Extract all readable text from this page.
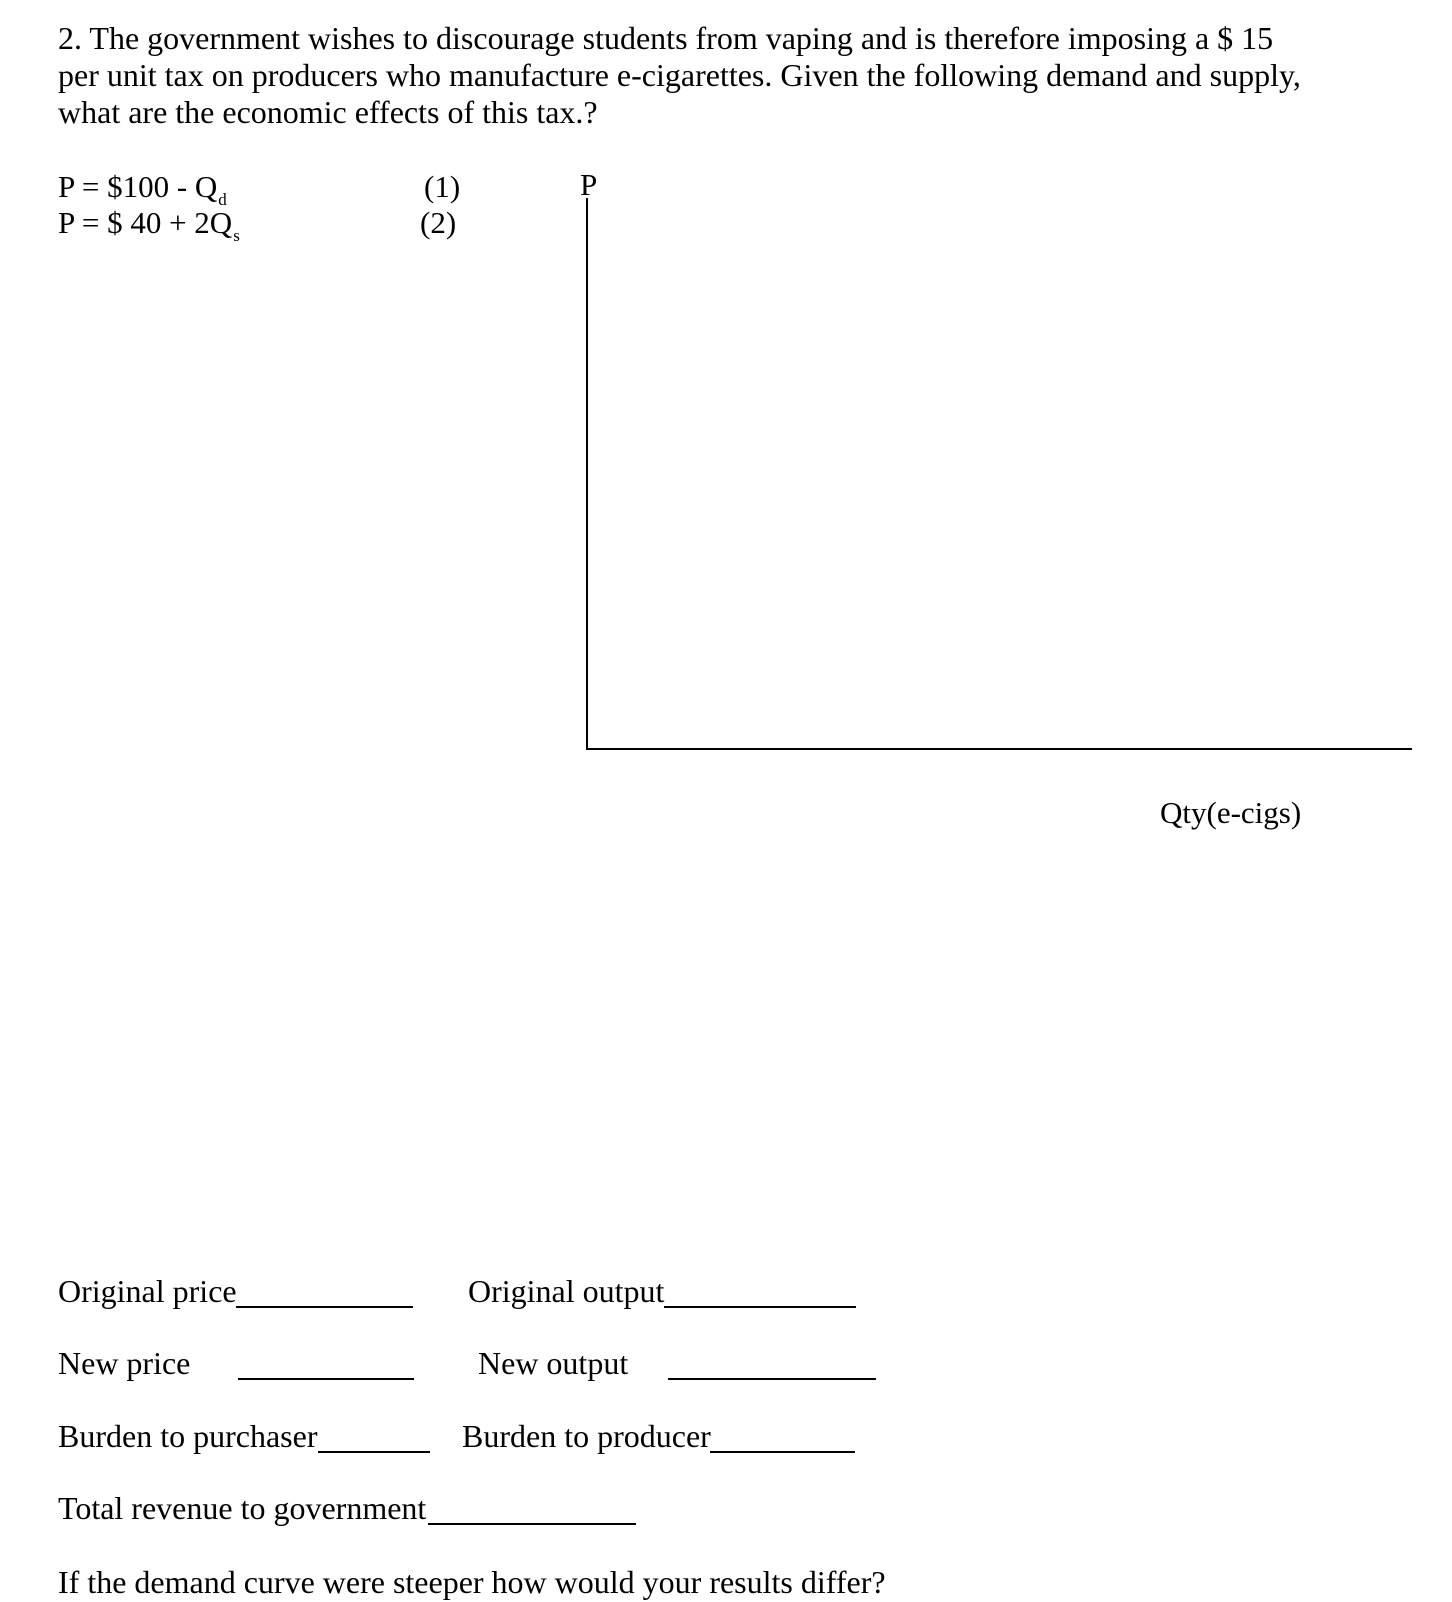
2. The government wishes to discourage students from vaping and is therefore imposing a $ 15
per unit tax on producers who manufacture e-cigarettes. Given the following demand and supply,
what are the economic effects of this tax.?
P = $100 - $Q_d$	(1)
P = $ $40 + 2Q_s$	(2)
P
Qty(e-cigs)
Original price	Original output
New price	New output
Burden to purchaser	Burden to producer
Total revenue to government
If the demand curve were steeper how would your results differ?
